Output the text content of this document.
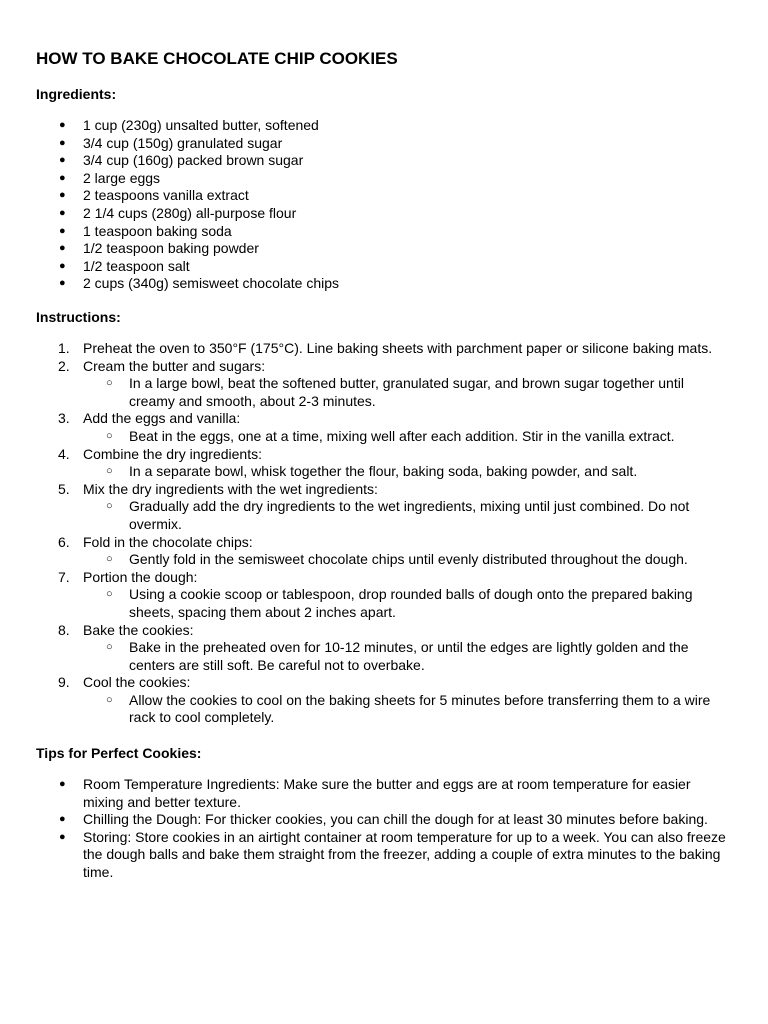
HOW TO BAKE CHOCOLATE CHIP COOKIES
Ingredients:
●	1 cup (230g) unsalted butter, softened
●	3/4 cup (150g) granulated sugar
●	3/4 cup (160g) packed brown sugar
●	2 large eggs
●	2 teaspoons vanilla extract
●	2 1/4 cups (280g) all-purpose flour
●	1 teaspoon baking soda
●	1/2 teaspoon baking powder
●	1/2 teaspoon salt
●	2 cups (340g) semisweet chocolate chips
Instructions:
1. Preheat the oven to 350°F (175°C). Line baking sheets with parchment paper or silicone baking mats.
2. Cream the butter and sugars:
○	In a large bowl, beat the softened butter, granulated sugar, and brown sugar together until creamy and smooth, about 2-3 minutes.
3. Add the eggs and vanilla:
○	Beat in the eggs, one at a time, mixing well after each addition. Stir in the vanilla extract.
4. Combine the dry ingredients:
○	In a separate bowl, whisk together the flour, baking soda, baking powder, and salt.
5. Mix the dry ingredients with the wet ingredients:
○	Gradually add the dry ingredients to the wet ingredients, mixing until just combined. Do not overmix.
6. Fold in the chocolate chips:
○	Gently fold in the semisweet chocolate chips until evenly distributed throughout the dough.
7. Portion the dough:
○	Using a cookie scoop or tablespoon, drop rounded balls of dough onto the prepared baking sheets, spacing them about 2 inches apart.
8. Bake the cookies:
○	Bake in the preheated oven for 10-12 minutes, or until the edges are lightly golden and the centers are still soft. Be careful not to overbake.
9. Cool the cookies:
○	Allow the cookies to cool on the baking sheets for 5 minutes before transferring them to a wire rack to cool completely.
Tips for Perfect Cookies:
●	Room Temperature Ingredients: Make sure the butter and eggs are at room temperature for easier mixing and better texture.
●	Chilling the Dough: For thicker cookies, you can chill the dough for at least 30 minutes before baking.
●	Storing: Store cookies in an airtight container at room temperature for up to a week. You can also freeze the dough balls and bake them straight from the freezer, adding a couple of extra minutes to the baking time.
